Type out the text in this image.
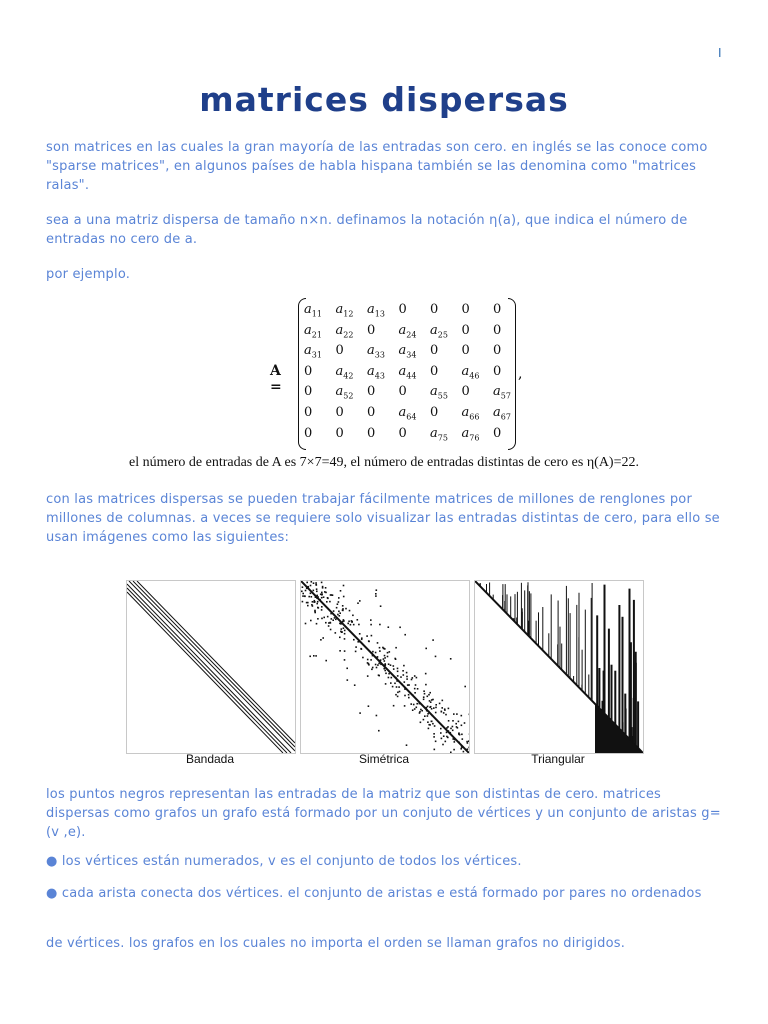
I
matrices dispersas
son matrices en las cuales la gran mayoría de las entradas son cero. en inglés se las conoce como "sparse matrices", en algunos países de habla hispana también se las denomina como "matrices ralas".
sea a una matriz dispersa de tamaño n×n. definamos la notación η(a), que indica el número de entradas no cero de a.
por ejemplo.
A =
$a_{11}$	$a_{12}$	$a_{13}$	0	0	0	0
$a_{21}$	$a_{22}$	0	$a_{24}$	$a_{25}$	0	0
$a_{31}$	0	$a_{33}$	$a_{34}$	0	0	0
0	$a_{42}$	$a_{43}$	$a_{44}$	0	$a_{46}$	0
0	$a_{52}$	0	0	$a_{55}$	0	$a_{57}$
0	0	0	$a_{64}$	0	$a_{66}$	$a_{67}$
0	0	0	0	$a_{75}$	$a_{76}$	0
,
el número de entradas de A es 7×7=49, el número de entradas distintas de cero es η(A)=22.
con las matrices dispersas se pueden trabajar fácilmente matrices de millones de renglones por millones de columnas. a veces se requiere solo visualizar las entradas distintas de cero, para ello se usan imágenes como las siguientes:
Bandada	Simétrica	Triangular
los puntos negros representan las entradas de la matriz que son distintas de cero. matrices dispersas como grafos un grafo está formado por un conjuto de vértices y un conjunto de aristas g=(v ,e).
● los vértices están numerados, v es el conjunto de todos los vértices.
● cada arista conecta dos vértices. el conjunto de aristas e está formado por pares no ordenados
de vértices. los grafos en los cuales no importa el orden se llaman grafos no dirigidos.
